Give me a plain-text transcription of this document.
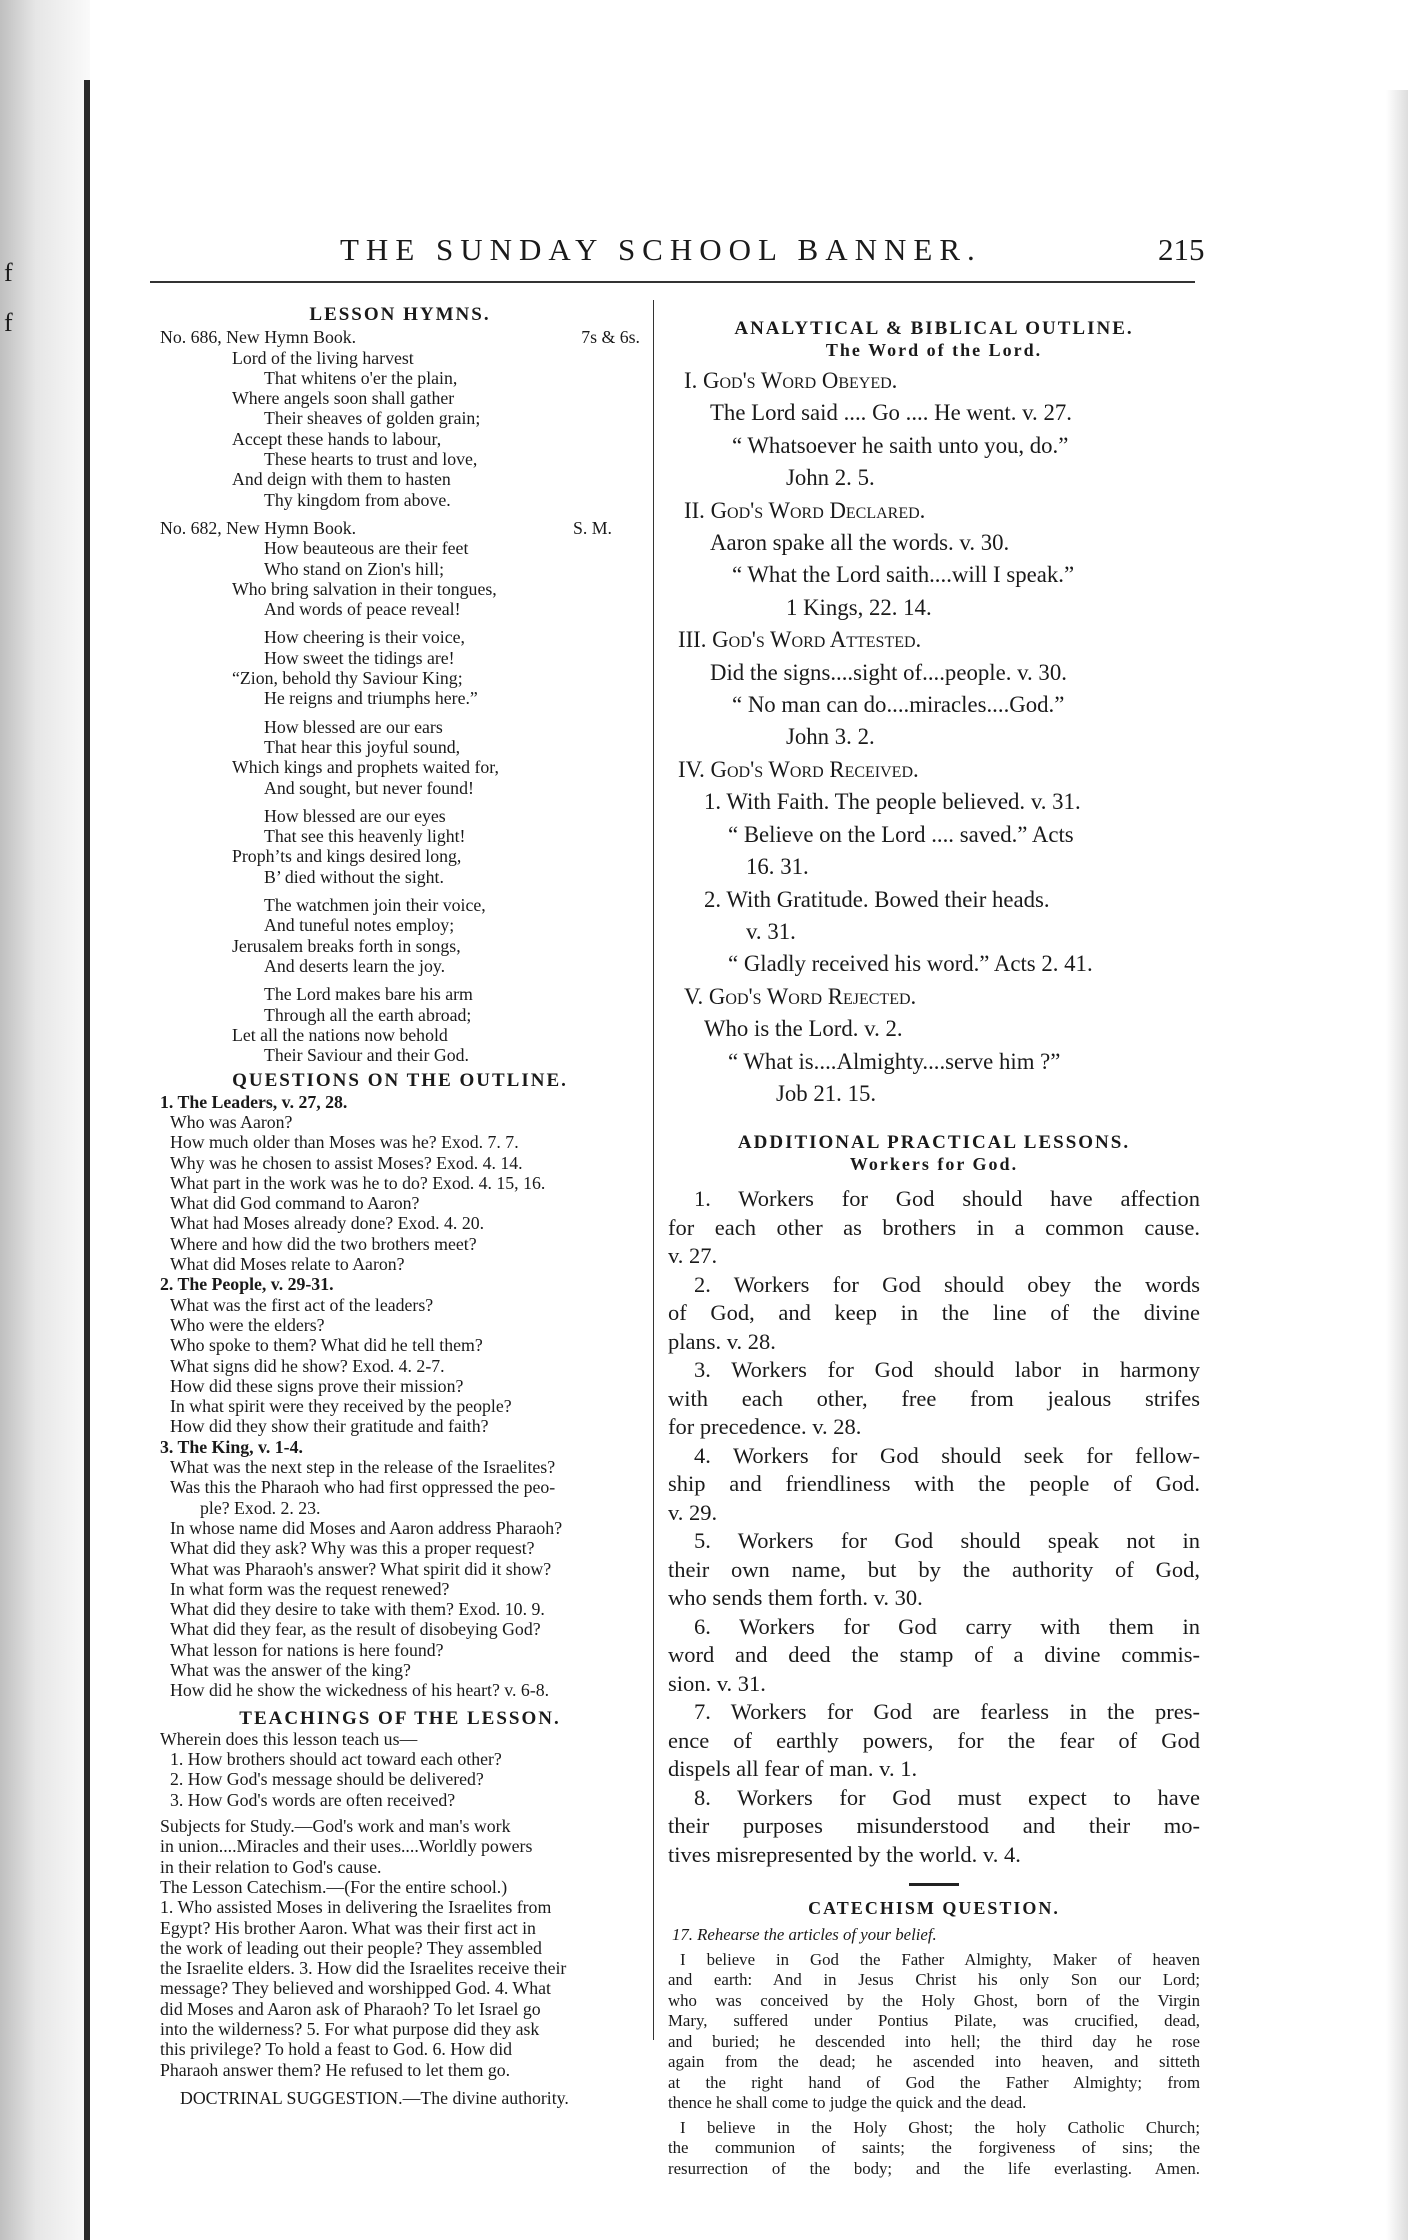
f
f
THE SUNDAY SCHOOL BANNER.	215
LESSON HYMNS.
No. 686, New Hymn Book.	7s & 6s.
Lord of the living harvest
That whitens o'er the plain,
Where angels soon shall gather
Their sheaves of golden grain;
Accept these hands to labour,
These hearts to trust and love,
And deign with them to hasten
Thy kingdom from above.
No. 682, New Hymn Book.	S. M.
How beauteous are their feet
Who stand on Zion's hill;
Who bring salvation in their tongues,
And words of peace reveal!
How cheering is their voice,
How sweet the tidings are!
“Zion, behold thy Saviour King;
He reigns and triumphs here.”
How blessed are our ears
That hear this joyful sound,
Which kings and prophets waited for,
And sought, but never found!
How blessed are our eyes
That see this heavenly light!
Proph’ts and kings desired long,
B’ died without the sight.
The watchmen join their voice,
And tuneful notes employ;
Jerusalem breaks forth in songs,
And deserts learn the joy.
The Lord makes bare his arm
Through all the earth abroad;
Let all the nations now behold
Their Saviour and their God.
QUESTIONS ON THE OUTLINE.
1. The Leaders, v. 27, 28.
Who was Aaron?
How much older than Moses was he? Exod. 7. 7.
Why was he chosen to assist Moses? Exod. 4. 14.
What part in the work was he to do? Exod. 4. 15, 16.
What did God command to Aaron?
What had Moses already done? Exod. 4. 20.
Where and how did the two brothers meet?
What did Moses relate to Aaron?
2. The People, v. 29-31.
What was the first act of the leaders?
Who were the elders?
Who spoke to them? What did he tell them?
What signs did he show? Exod. 4. 2-7.
How did these signs prove their mission?
In what spirit were they received by the people?
How did they show their gratitude and faith?
3. The King, v. 1-4.
What was the next step in the release of the Israelites?
Was this the Pharaoh who had first oppressed the peo-
ple? Exod. 2. 23.
In whose name did Moses and Aaron address Pharaoh?
What did they ask? Why was this a proper request?
What was Pharaoh's answer? What spirit did it show?
In what form was the request renewed?
What did they desire to take with them? Exod. 10. 9.
What did they fear, as the result of disobeying God?
What lesson for nations is here found?
What was the answer of the king?
How did he show the wickedness of his heart? v. 6-8.
TEACHINGS OF THE LESSON.
Wherein does this lesson teach us—
1. How brothers should act toward each other?
2. How God's message should be delivered?
3. How God's words are often received?
Subjects for Study.—God's work and man's work
in union....Miracles and their uses....Worldly powers
in their relation to God's cause.
The Lesson Catechism.—(For the entire school.)
1. Who assisted Moses in delivering the Israelites from
Egypt? His brother Aaron. What was their first act in
the work of leading out their people? They assembled
the Israelite elders. 3. How did the Israelites receive their
message? They believed and worshipped God. 4. What
did Moses and Aaron ask of Pharaoh? To let Israel go
into the wilderness? 5. For what purpose did they ask
this privilege? To hold a feast to God. 6. How did
Pharaoh answer them? He refused to let them go.
DOCTRINAL SUGGESTION.—The divine authority.
ANALYTICAL & BIBLICAL OUTLINE.
The Word of the Lord.
I. God's Word Obeyed.
The Lord said .... Go .... He went. v. 27.
“ Whatsoever he saith unto you, do.”
John 2. 5.
II. God's Word Declared.
Aaron spake all the words. v. 30.
“ What the Lord saith....will I speak.”
1 Kings, 22. 14.
III. God's Word Attested.
Did the signs....sight of....people. v. 30.
“ No man can do....miracles....God.”
John 3. 2.
IV. God's Word Received.
1. With Faith. The people believed. v. 31.
“ Believe on the Lord .... saved.” Acts
16. 31.
2. With Gratitude. Bowed their heads.
v. 31.
“ Gladly received his word.” Acts 2. 41.
V. God's Word Rejected.
Who is the Lord. v. 2.
“ What is....Almighty....serve him ?”
Job 21. 15.
ADDITIONAL PRACTICAL LESSONS.
Workers for God.
1. Workers for God should have affection
for each other as brothers in a common cause.
v. 27.
2. Workers for God should obey the words
of God, and keep in the line of the divine
plans. v. 28.
3. Workers for God should labor in harmony
with each other, free from jealous strifes
for precedence. v. 28.
4. Workers for God should seek for fellow-
ship and friendliness with the people of God.
v. 29.
5. Workers for God should speak not in
their own name, but by the authority of God,
who sends them forth. v. 30.
6. Workers for God carry with them in
word and deed the stamp of a divine commis-
sion. v. 31.
7. Workers for God are fearless in the pres-
ence of earthly powers, for the fear of God
dispels all fear of man. v. 1.
8. Workers for God must expect to have
their purposes misunderstood and their mo-
tives misrepresented by the world. v. 4.
CATECHISM QUESTION.
17. Rehearse the articles of your belief.
I believe in God the Father Almighty, Maker of heaven
and earth: And in Jesus Christ his only Son our Lord;
who was conceived by the Holy Ghost, born of the Virgin
Mary, suffered under Pontius Pilate, was crucified, dead,
and buried; he descended into hell; the third day he rose
again from the dead; he ascended into heaven, and sitteth
at the right hand of God the Father Almighty; from
thence he shall come to judge the quick and the dead.
I believe in the Holy Ghost; the holy Catholic Church;
the communion of saints; the forgiveness of sins; the
resurrection of the body; and the life everlasting. Amen.
